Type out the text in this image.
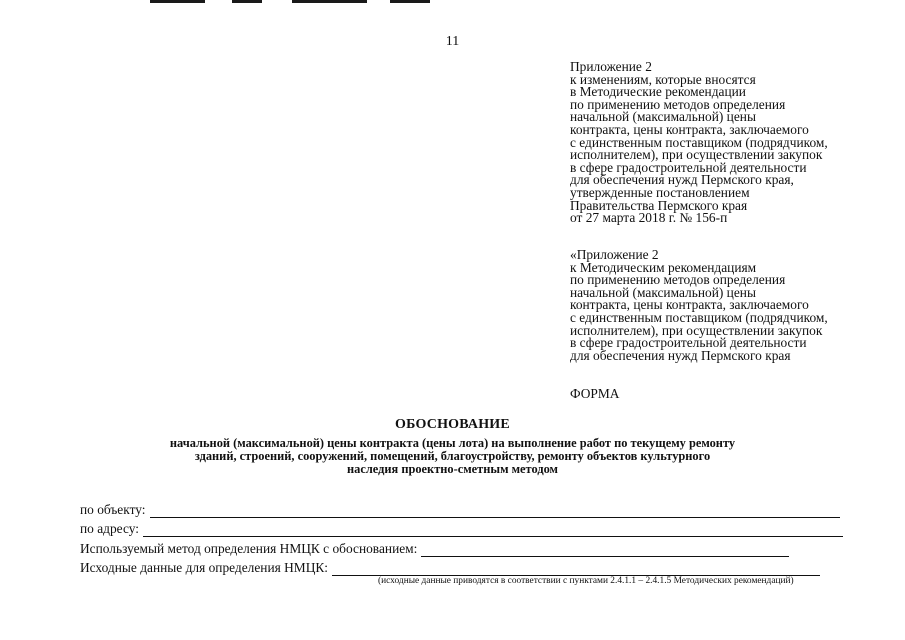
11
Приложение 2
к изменениям, которые вносятся
в Методические рекомендации
по применению методов определения
начальной (максимальной) цены
контракта, цены контракта, заключаемого
с единственным поставщиком (подрядчиком,
исполнителем), при осуществлении закупок
в сфере градостроительной деятельности
для обеспечения нужд Пермского края,
утвержденные постановлением
Правительства Пермского края
от 27 марта 2018 г. № 156-п
«Приложение 2
к Методическим рекомендациям
по применению методов определения
начальной (максимальной) цены
контракта, цены контракта, заключаемого
с единственным поставщиком (подрядчиком,
исполнителем), при осуществлении закупок
в сфере градостроительной деятельности
для обеспечения нужд Пермского края
ФОРМА
ОБОСНОВАНИЕ
начальной (максимальной) цены контракта (цены лота) на выполнение работ по текущему ремонту
зданий, строений, сооружений, помещений, благоустройству, ремонту объектов культурного
наследия проектно-сметным методом
по объекту:
по адресу:
Используемый метод определения НМЦК с обоснованием:
Исходные данные для определения НМЦК:
(исходные данные приводятся в соответствии с пунктами 2.4.1.1 – 2.4.1.5 Методических рекомендаций)
